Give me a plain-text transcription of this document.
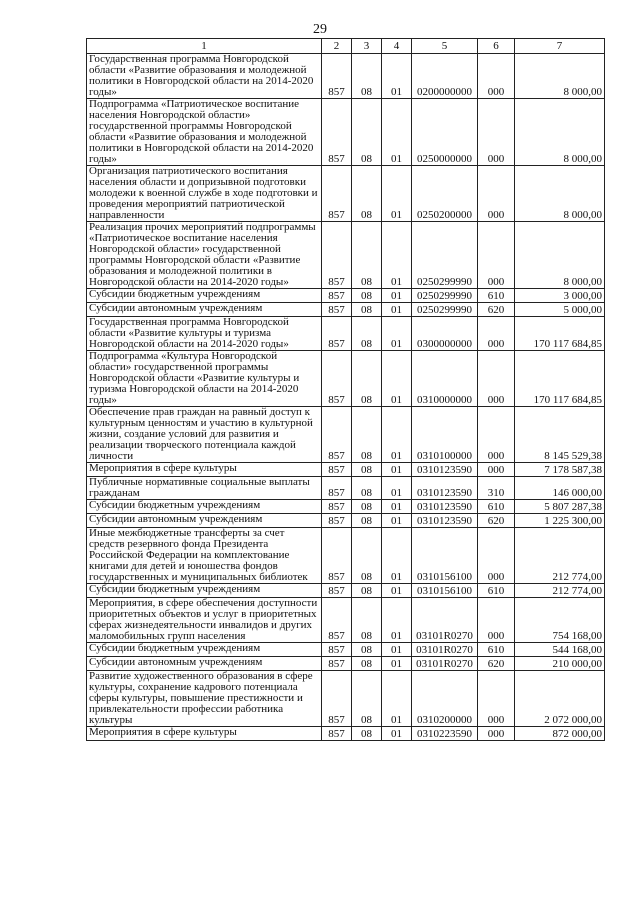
29
1	2	3	4	5	6	7
Государственная программа Новгородской области «Развитие образования и молодежной политики в Новгородской области на 2014-2020 годы»	857	08	01	0200000000	000	8 000,00
Подпрограмма «Патриотическое воспитание населения Новгородской области» государственной программы Новгородской области «Развитие образования и молодежной политики в Новгородской области на 2014-2020 годы»	857	08	01	0250000000	000	8 000,00
Организация патриотического воспитания населения области и допризывной подготовки молодежи к военной службе в ходе подготовки и проведения мероприятий патриотической направленности	857	08	01	0250200000	000	8 000,00
Реализация прочих мероприятий подпрограммы «Патриотическое воспитание населения Новгородской области» государственной программы Новгородской области «Развитие образования и молодежной политики в Новгородской области на 2014-2020 годы»	857	08	01	0250299990	000	8 000,00
Субсидии бюджетным учреждениям	857	08	01	0250299990	610	3 000,00
Субсидии автономным учреждениям	857	08	01	0250299990	620	5 000,00
Государственная программа Новгородской области «Развитие культуры и туризма Новгородской области на 2014-2020 годы»	857	08	01	0300000000	000	170 117 684,85
Подпрограмма «Культура Новгородской области» государственной программы Новгородской области «Развитие культуры и туризма Новгородской области на 2014-2020 годы»	857	08	01	0310000000	000	170 117 684,85
Обеспечение прав граждан на равный доступ к культурным ценностям и участию в культурной жизни, создание условий для развития и реализации творческого потенциала каждой личности	857	08	01	0310100000	000	8 145 529,38
Мероприятия в сфере культуры	857	08	01	0310123590	000	7 178 587,38
Публичные нормативные социальные выплаты гражданам	857	08	01	0310123590	310	146 000,00
Субсидии бюджетным учреждениям	857	08	01	0310123590	610	5 807 287,38
Субсидии автономным учреждениям	857	08	01	0310123590	620	1 225 300,00
Иные межбюджетные трансферты за счет средств резервного фонда Президента Российской Федерации на комплектование книгами для детей и юношества фондов государственных и муниципальных библиотек	857	08	01	0310156100	000	212 774,00
Субсидии бюджетным учреждениям	857	08	01	0310156100	610	212 774,00
Мероприятия, в сфере обеспечения доступности приоритетных объектов и услуг в приоритетных сферах жизнедеятельности инвалидов и других маломобильных групп населения	857	08	01	03101R0270	000	754 168,00
Субсидии бюджетным учреждениям	857	08	01	03101R0270	610	544 168,00
Субсидии автономным учреждениям	857	08	01	03101R0270	620	210 000,00
Развитие художественного образования в сфере культуры, сохранение кадрового потенциала сферы культуры, повышение престижности и привлекательности профессии работника культуры	857	08	01	0310200000	000	2 072 000,00
Мероприятия в сфере культуры	857	08	01	0310223590	000	872 000,00
